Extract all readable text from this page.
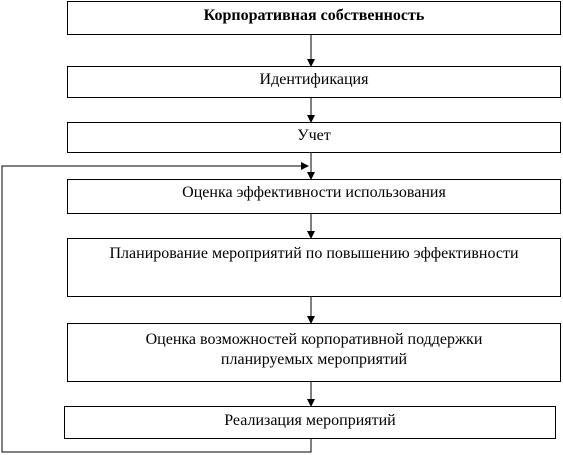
Корпоративная собственность
Идентификация
Учет
Оценка эффективности использования
Планирование мероприятий по повышению эффективности
Оценка возможностей корпоративной поддержки
планируемых мероприятий
Реализация мероприятий
